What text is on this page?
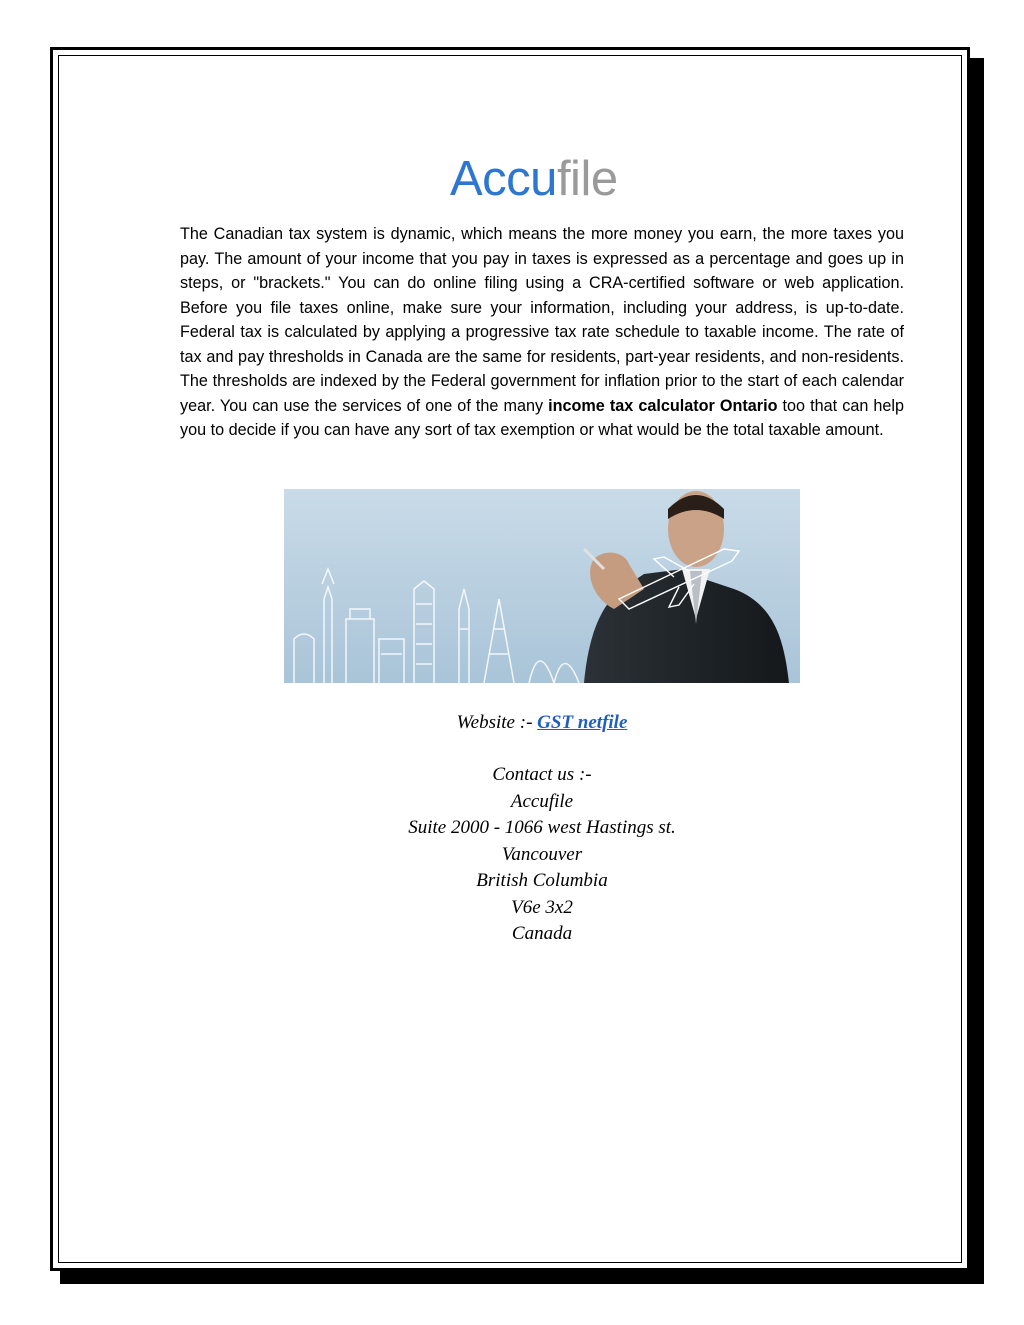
Accufile

The Canadian tax system is dynamic, which means the more money you earn, the more taxes you pay. The amount of your income that you pay in taxes is expressed as a percentage and goes up in steps, or "brackets." You can do online filing using a CRA-certified software or web application. Before you file taxes online, make sure your information, including your address, is up-to-date. Federal tax is calculated by applying a progressive tax rate schedule to taxable income. The rate of tax and pay thresholds in Canada are the same for residents, part-year residents, and non-residents. The thresholds are indexed by the Federal government for inflation prior to the start of each calendar year. You can use the services of one of the many income tax calculator Ontario too that can help you to decide if you can have any sort of tax exemption or what would be the total taxable amount.

Website :- GST netfile
Contact us :-
Accufile
Suite 2000 - 1066 west Hastings st.
Vancouver
British Columbia
V6e 3x2
Canada
